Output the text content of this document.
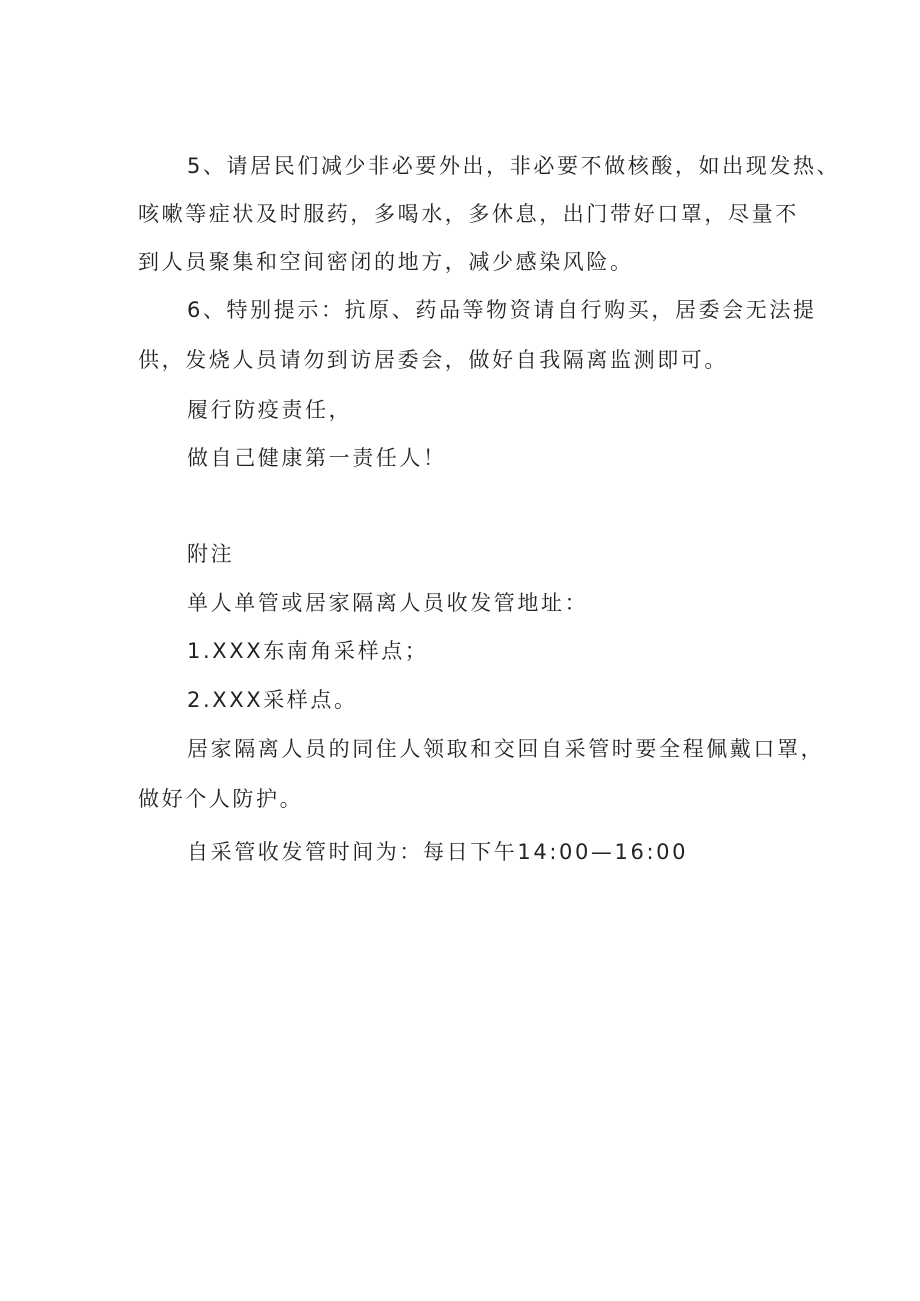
5、请居民们减少非必要外出，非必要不做核酸，如出现发热、
咳嗽等症状及时服药，多喝水，多休息，出门带好口罩，尽量不
到人员聚集和空间密闭的地方，减少感染风险。
6、特别提示：抗原、药品等物资请自行购买，居委会无法提
供，发烧人员请勿到访居委会，做好自我隔离监测即可。
履行防疫责任，
做自己健康第一责任人！
附注
单人单管或居家隔离人员收发管地址：
1.XXX东南角采样点；
2.XXX采样点。
居家隔离人员的同住人领取和交回自采管时要全程佩戴口罩，
做好个人防护。
自采管收发管时间为：每日下午14:00—16:00
